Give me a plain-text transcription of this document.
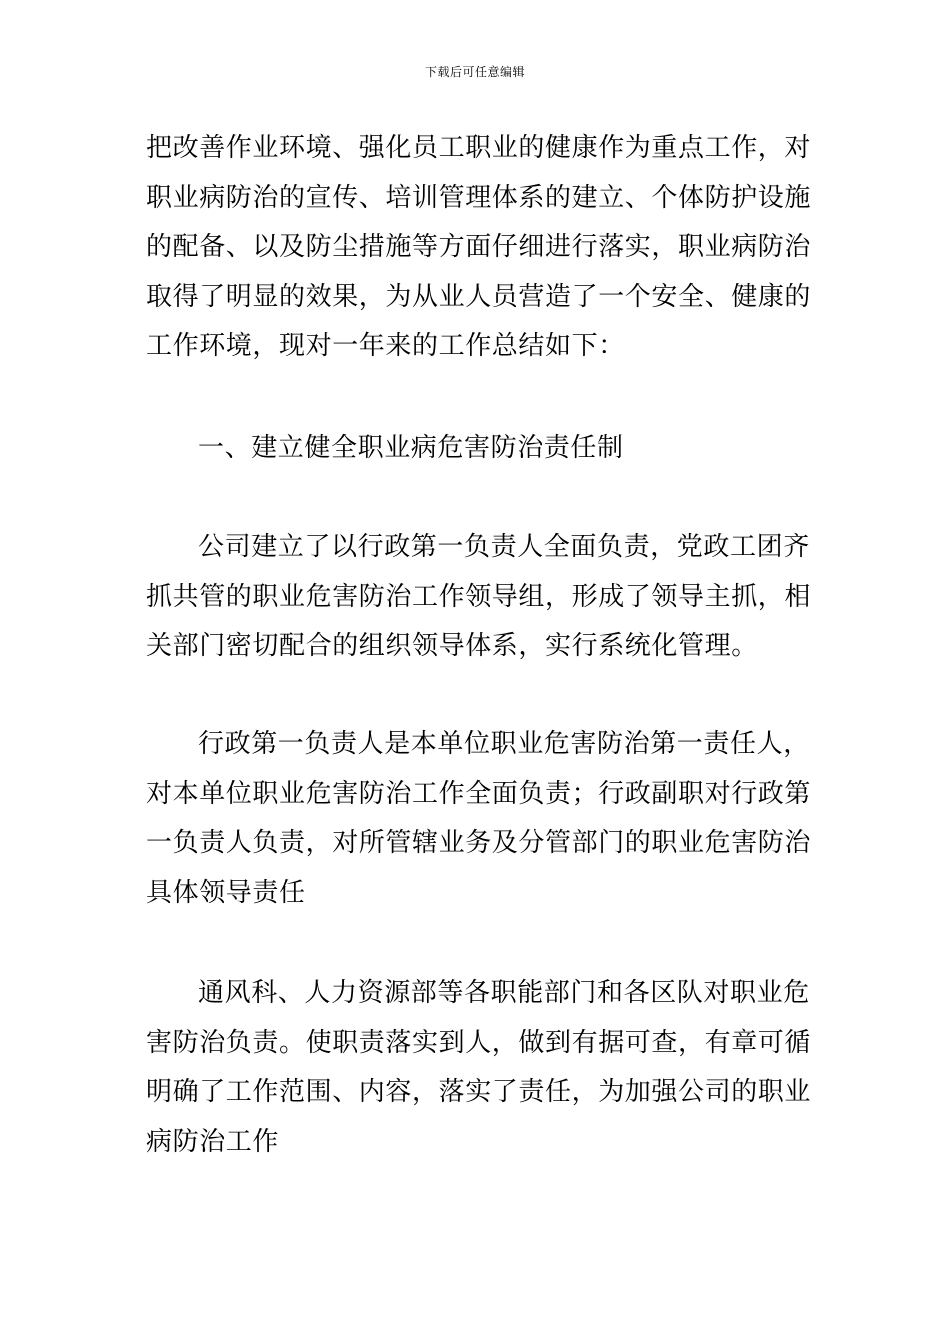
下载后可任意编辑
把改善作业环境、强化员工职业的健康作为重点工作，对
职业病防治的宣传、培训管理体系的建立、个体防护设施
的配备、以及防尘措施等方面仔细进行落实，职业病防治
取得了明显的效果，为从业人员营造了一个安全、健康的
工作环境，现对一年来的工作总结如下：
一、建立健全职业病危害防治责任制
公司建立了以行政第一负责人全面负责，党政工团齐
抓共管的职业危害防治工作领导组，形成了领导主抓，相
关部门密切配合的组织领导体系，实行系统化管理。
行政第一负责人是本单位职业危害防治第一责任人，
对本单位职业危害防治工作全面负责；行政副职对行政第
一负责人负责，对所管辖业务及分管部门的职业危害防治
具体领导责任
通风科、人力资源部等各职能部门和各区队对职业危
害防治负责。使职责落实到人，做到有据可查，有章可循
明确了工作范围、内容，落实了责任，为加强公司的职业
病防治工作
